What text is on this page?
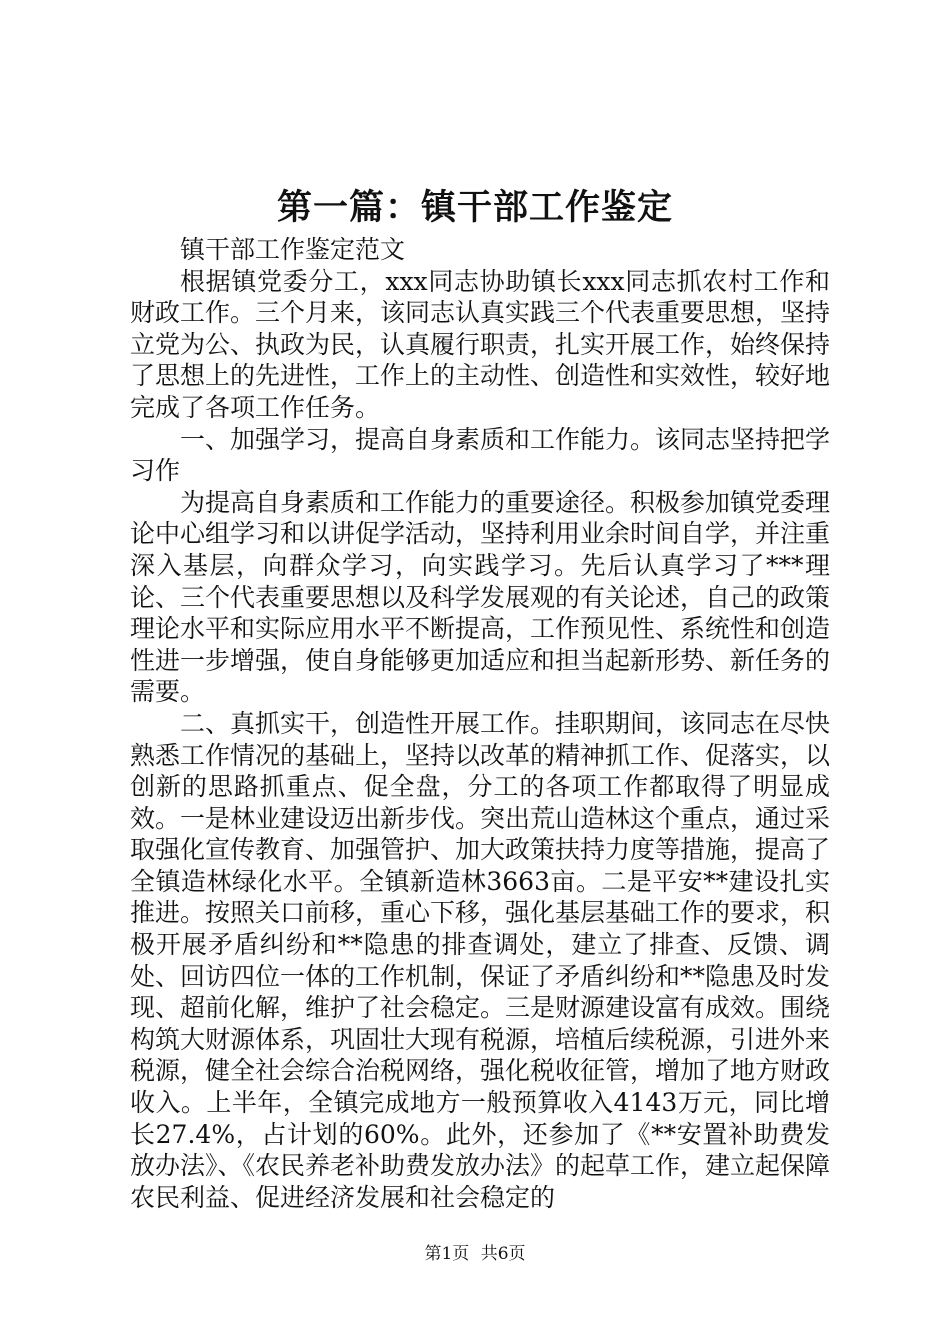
第一篇：镇干部工作鉴定

镇干部工作鉴定范文

根据镇党委分工，xxx同志协助镇长xxx同志抓农村工作和财政工作。三个月来，该同志认真实践三个代表重要思想，坚持立党为公、执政为民，认真履行职责，扎实开展工作，始终保持了思想上的先进性，工作上的主动性、创造性和实效性，较好地完成了各项工作任务。

一、加强学习，提高自身素质和工作能力。该同志坚持把学习作

为提高自身素质和工作能力的重要途径。积极参加镇党委理论中心组学习和以讲促学活动，坚持利用业余时间自学，并注重深入基层，向群众学习，向实践学习。先后认真学习了***理论、三个代表重要思想以及科学发展观的有关论述，自己的政策理论水平和实际应用水平不断提高，工作预见性、系统性和创造性进一步增强，使自身能够更加适应和担当起新形势、新任务的需要。

二、真抓实干，创造性开展工作。挂职期间，该同志在尽快熟悉工作情况的基础上，坚持以改革的精神抓工作、促落实，以创新的思路抓重点、促全盘，分工的各项工作都取得了明显成效。一是林业建设迈出新步伐。突出荒山造林这个重点，通过采取强化宣传教育、加强管护、加大政策扶持力度等措施，提高了全镇造林绿化水平。全镇新造林3663亩。二是平安**建设扎实推进。按照关口前移，重心下移，强化基层基础工作的要求，积极开展矛盾纠纷和**隐患的排查调处，建立了排查、反馈、调处、回访四位一体的工作机制，保证了矛盾纠纷和**隐患及时发现、超前化解，维护了社会稳定。三是财源建设富有成效。围绕构筑大财源体系，巩固壮大现有税源，培植后续税源，引进外来税源，健全社会综合治税网络，强化税收征管，增加了地方财政收入。上半年，全镇完成地方一般预算收入4143万元，同比增长27.4%，占计划的60%。此外，还参加了《**安置补助费发放办法》、《农民养老补助费发放办法》的起草工作，建立起保障农民利益、促进经济发展和社会稳定的

第1页 共6页
